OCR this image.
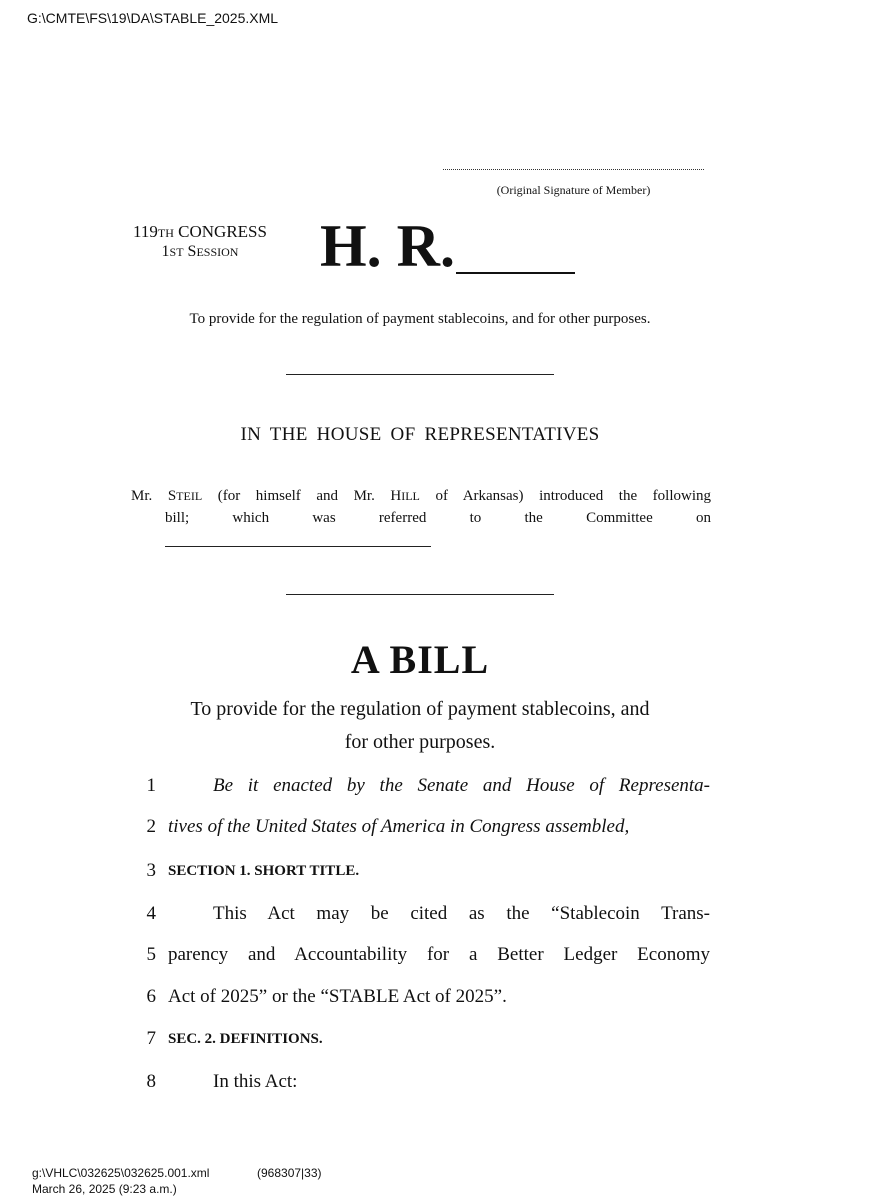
G:\CMTE\FS\19\DA\STABLE_2025.XML
(Original Signature of Member)
119TH CONGRESS
1ST SESSION	H. R.
To provide for the regulation of payment stablecoins, and for other purposes.
IN THE HOUSE OF REPRESENTATIVES
Mr. STEIL (for himself and Mr. HILL of Arkansas) introduced the following
bill; which was referred to the Committee on
A BILL
To provide for the regulation of payment stablecoins, and
for other purposes.
1	Be it enacted by the Senate and House of Representa-
2 tives of the United States of America in Congress assembled,
3 SECTION 1. SHORT TITLE.
4	This Act may be cited as the “Stablecoin Trans-
5 parency and Accountability for a Better Ledger Economy
6 Act of 2025” or the “STABLE Act of 2025”.
7 SEC. 2. DEFINITIONS.
8	In this Act:
g:\VHLC\032625\032625.001.xml	(968307|33)
March 26, 2025 (9:23 a.m.)
